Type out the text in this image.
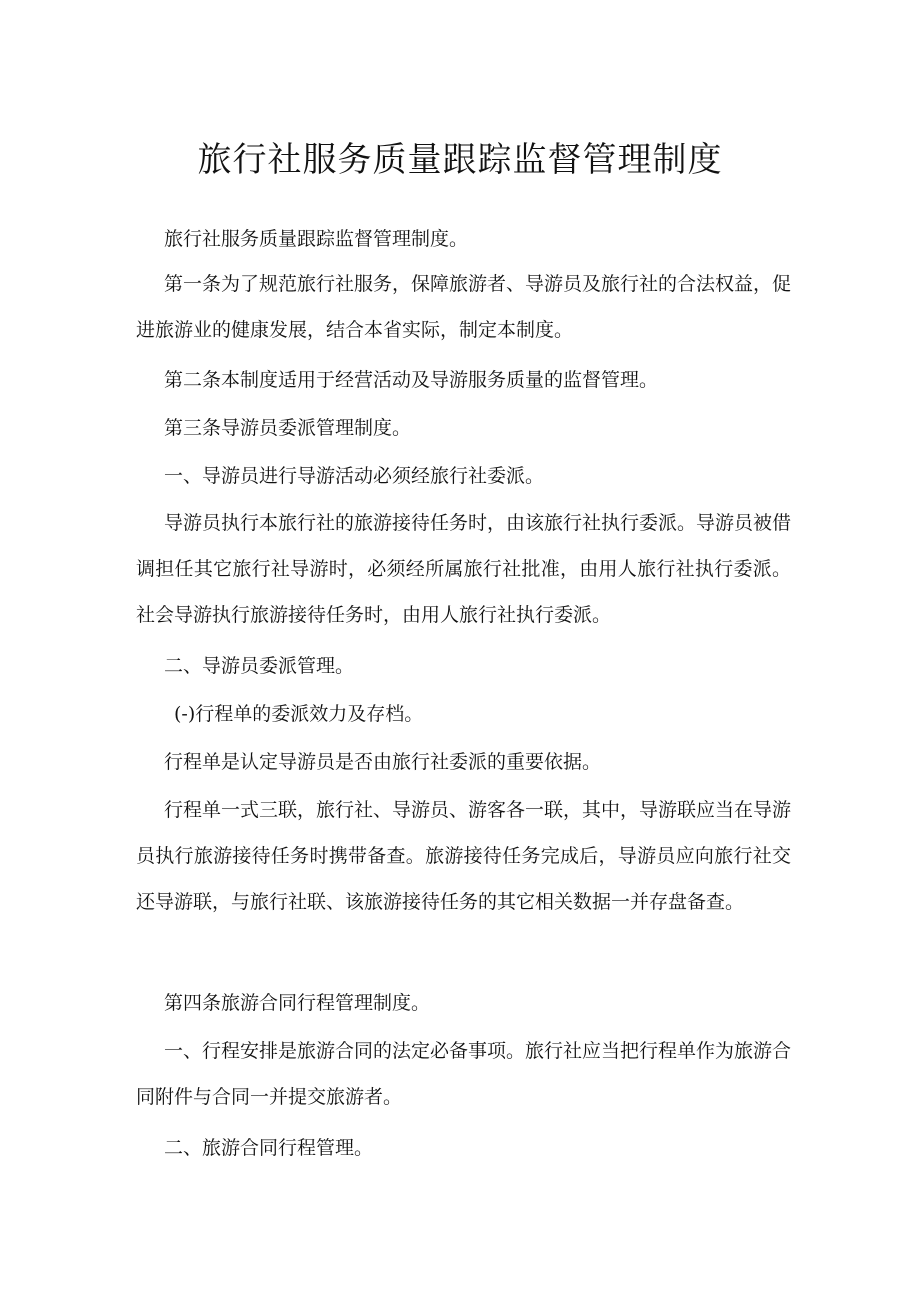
旅行社服务质量跟踪监督管理制度

旅行社服务质量跟踪监督管理制度。

第一条为了规范旅行社服务，保障旅游者、导游员及旅行社的合法权益，促进旅游业的健康发展，结合本省实际，制定本制度。

第二条本制度适用于经营活动及导游服务质量的监督管理。

第三条导游员委派管理制度。

一、导游员进行导游活动必须经旅行社委派。

导游员执行本旅行社的旅游接待任务时，由该旅行社执行委派。导游员被借调担任其它旅行社导游时，必须经所属旅行社批准，由用人旅行社执行委派。社会导游执行旅游接待任务时，由用人旅行社执行委派。

二、导游员委派管理。

(-)行程单的委派效力及存档。

行程单是认定导游员是否由旅行社委派的重要依据。

行程单一式三联，旅行社、导游员、游客各一联，其中，导游联应当在导游员执行旅游接待任务时携带备查。旅游接待任务完成后，导游员应向旅行社交还导游联，与旅行社联、该旅游接待任务的其它相关数据一并存盘备查。

第四条旅游合同行程管理制度。

一、行程安排是旅游合同的法定必备事项。旅行社应当把行程单作为旅游合同附件与合同一并提交旅游者。

二、旅游合同行程管理。
